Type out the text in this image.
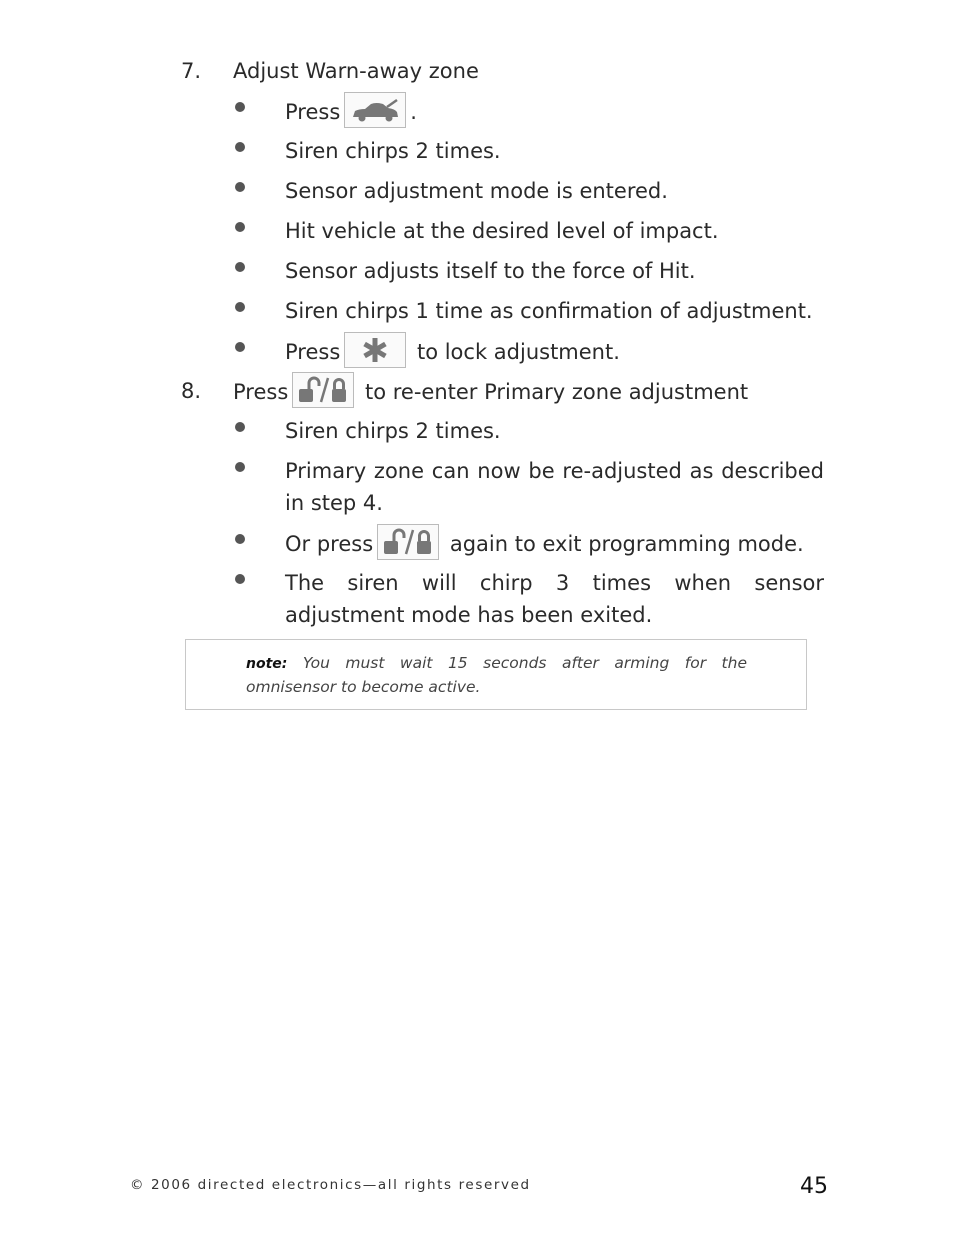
7. Adjust Warn-away zone
Press	.
Siren chirps 2 times.
Sensor adjustment mode is entered.
Hit vehicle at the desired level of impact.
Sensor adjusts itself to the force of Hit.
Siren chirps 1 time as confirmation of adjustment.
Press	to lock adjustment.
8. Press	to re-enter Primary zone adjustment
Siren chirps 2 times.
Primary zone can now be re-adjusted as described in step 4.
Or press	again to exit programming mode.
The siren will chirp 3 times when sensor adjustment mode has been exited.
note: You must wait 15 seconds after arming for the omnisensor to become active.
© 2006 directed electronics—all rights reserved	45
